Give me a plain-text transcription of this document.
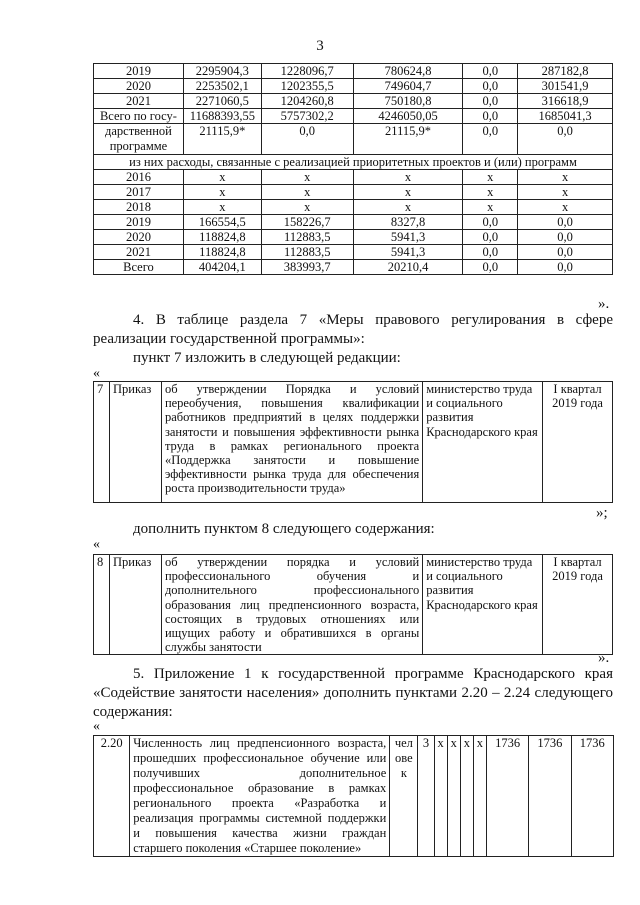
3
2019	2295904,3	1228096,7	780624,8	0,0	287182,8
2020	2253502,1	1202355,5	749604,7	0,0	301541,9
2021	2271060,5	1204260,8	750180,8	0,0	316618,9
Всего по госу-	11688393,55	5757302,2	4246050,05	0,0	1685041,3

дарственной
программе	21115,9*	0,0	21115,9*	0,0	0,0
из них расходы, связанные с реализацией приоритетных проектов и (или) программ					
2016	х	х	х	х	х
2017	х	х	х	х	х
2018	х	х	х	х	х
2019	166554,5	158226,7	8327,8	0,0	0,0
2020	118824,8	112883,5	5941,3	0,0	0,0
2021	118824,8	112883,5	5941,3	0,0	0,0
Всего	404204,1	383993,7	20210,4	0,0	0,0
».
4. В таблице раздела 7 «Меры правового регулирования в сфере
реализации государственной программы»:
пункт 7 изложить в следующей редакции:
«
7	Приказ	об утверждении Порядка и условий переобучения, повышения квалификации работников предприятий в целях поддержки занятости и повышения эффективности рынка труда в рамках регионального проекта «Поддержка занятости и повышение эффективности рынка труда для обеспечения роста производительности труда»	министерство труда и социального развития Краснодарского края	I квартал 2019 года
»;
дополнить пунктом 8 следующего содержания:
«
8	Приказ	об утверждении порядка и условий профессионального обучения и дополнительного профессионального образования лиц предпенсионного возраста, состоящих в трудовых отношениях или ищущих работу и обратившихся в органы службы занятости	министерство труда и социального развития Краснодарского края	I квартал 2019 года
».
5. Приложение 1 к государственной программе Краснодарского края
«Содействие занятости населения» дополнить пунктами 2.20 – 2.24 следующего
содержания:
«
2.20	Численность лиц предпенсионного возраста, прошедших профессиональное обучение или получивших дополнительное профессиональное образование в рамках регионального проекта «Разработка и реализация программы системной поддержки и повышения качества жизни граждан старшего поколения «Старшее поколение»	человек	3	х	х	х	х	1736	1736	1736
